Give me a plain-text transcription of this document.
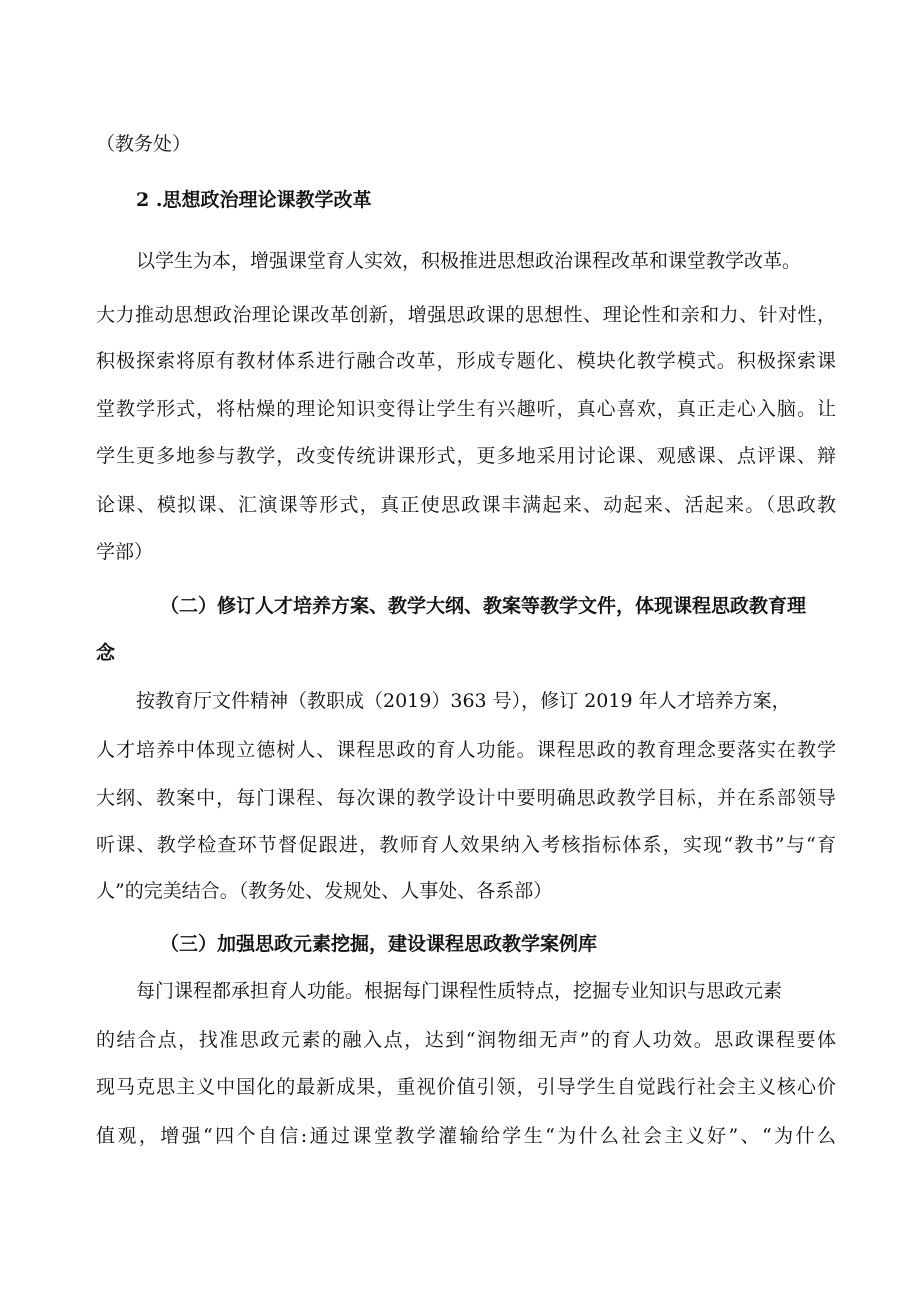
（教务处）
2 .思想政治理论课教学改革
以学生为本，增强课堂育人实效，积极推进思想政治课程改革和课堂教学改革。
大力推动思想政治理论课改革创新，增强思政课的思想性、理论性和亲和力、针对性，
积极探索将原有教材体系进行融合改革，形成专题化、模块化教学模式。积极探索课
堂教学形式，将枯燥的理论知识变得让学生有兴趣听，真心喜欢，真正走心入脑。让
学生更多地参与教学，改变传统讲课形式，更多地采用讨论课、观感课、点评课、辩
论课、模拟课、汇演课等形式，真正使思政课丰满起来、动起来、活起来。（思政教
学部）
（二）修订人才培养方案、教学大纲、教案等教学文件，体现课程思政教育理
念
按教育厅文件精神（教职成（2019）363 号），修订 2019 年人才培养方案，
人才培养中体现立德树人、课程思政的育人功能。课程思政的教育理念要落实在教学
大纲、教案中，每门课程、每次课的教学设计中要明确思政教学目标，并在系部领导
听课、教学检查环节督促跟进，教师育人效果纳入考核指标体系，实现“教书”与“育
人”的完美结合。（教务处、发规处、人事处、各系部）
（三）加强思政元素挖掘，建设课程思政教学案例库
每门课程都承担育人功能。根据每门课程性质特点，挖掘专业知识与思政元素
的结合点，找准思政元素的融入点，达到“润物细无声”的育人功效。思政课程要体
现马克思主义中国化的最新成果，重视价值引领，引导学生自觉践行社会主义核心价
值观，增强“四个自信:通过课堂教学灌输给学生“为什么社会主义好”、“为什么
